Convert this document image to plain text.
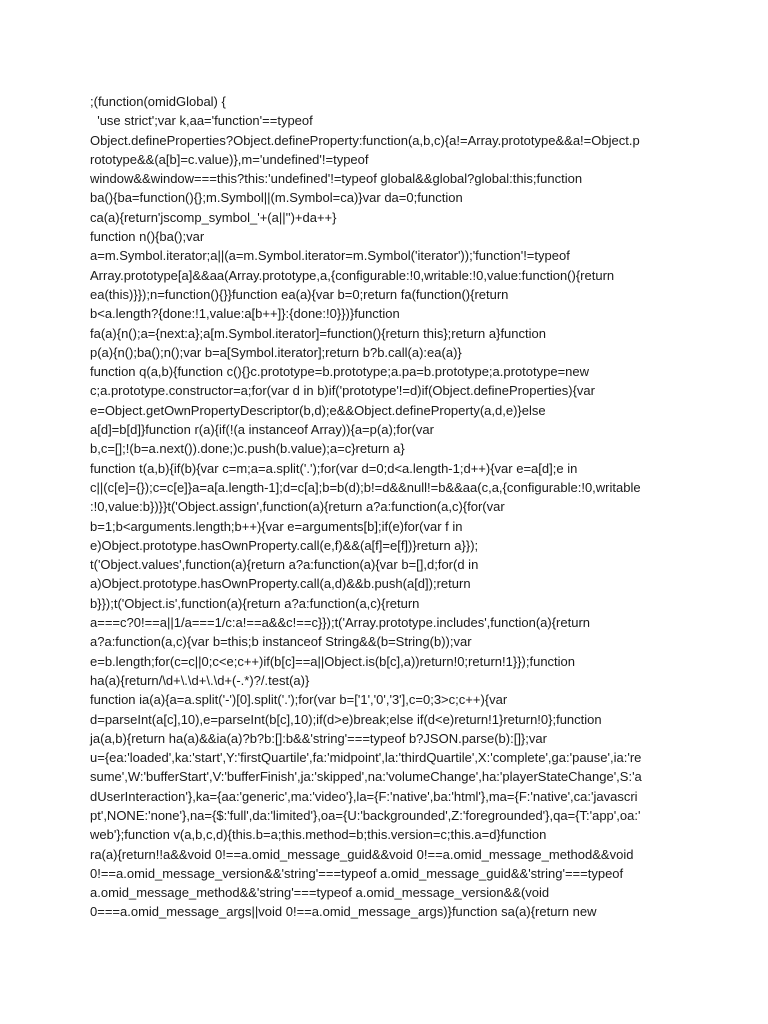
;(function(omidGlobal) {
'use strict';var k,aa='function'==typeof
Object.defineProperties?Object.defineProperty:function(a,b,c){a!=Array.prototype&&a!=Object.p
rototype&&(a[b]=c.value)},m='undefined'!=typeof
window&&window===this?this:'undefined'!=typeof global&&global?global:this;function
ba(){ba=function(){};m.Symbol||(m.Symbol=ca)}var da=0;function
ca(a){return'jscomp_symbol_'+(a||'')+da++}
function n(){ba();var
a=m.Symbol.iterator;a||(a=m.Symbol.iterator=m.Symbol('iterator'));'function'!=typeof
Array.prototype[a]&&aa(Array.prototype,a,{configurable:!0,writable:!0,value:function(){return
ea(this)}});n=function(){}}function ea(a){var b=0;return fa(function(){return
b<a.length?{done:!1,value:a[b++]}:{done:!0}})}function
fa(a){n();a={next:a};a[m.Symbol.iterator]=function(){return this};return a}function
p(a){n();ba();n();var b=a[Symbol.iterator];return b?b.call(a):ea(a)}
function q(a,b){function c(){}c.prototype=b.prototype;a.pa=b.prototype;a.prototype=new
c;a.prototype.constructor=a;for(var d in b)if('prototype'!=d)if(Object.defineProperties){var
e=Object.getOwnPropertyDescriptor(b,d);e&&Object.defineProperty(a,d,e)}else
a[d]=b[d]}function r(a){if(!(a instanceof Array)){a=p(a);for(var
b,c=[];!(b=a.next()).done;)c.push(b.value);a=c}return a}
function t(a,b){if(b){var c=m;a=a.split('.');for(var d=0;d<a.length-1;d++){var e=a[d];e in
c||(c[e]={});c=c[e]}a=a[a.length-1];d=c[a];b=b(d);b!=d&&null!=b&&aa(c,a,{configurable:!0,writable
:!0,value:b})}}t('Object.assign',function(a){return a?a:function(a,c){for(var
b=1;b<arguments.length;b++){var e=arguments[b];if(e)for(var f in
e)Object.prototype.hasOwnProperty.call(e,f)&&(a[f]=e[f])}return a}});
t('Object.values',function(a){return a?a:function(a){var b=[],d;for(d in
a)Object.prototype.hasOwnProperty.call(a,d)&&b.push(a[d]);return
b}});t('Object.is',function(a){return a?a:function(a,c){return
a===c?0!==a||1/a===1/c:a!==a&&c!==c}});t('Array.prototype.includes',function(a){return
a?a:function(a,c){var b=this;b instanceof String&&(b=String(b));var
e=b.length;for(c=c||0;c<e;c++)if(b[c]==a||Object.is(b[c],a))return!0;return!1}});function
ha(a){return/\d+\.\d+\.\d+(-.*)?/.test(a)}
function ia(a){a=a.split('-')[0].split('.');for(var b=['1','0','3'],c=0;3>c;c++){var
d=parseInt(a[c],10),e=parseInt(b[c],10);if(d>e)break;else if(d<e)return!1}return!0};function
ja(a,b){return ha(a)&&ia(a)?b?b:[]:b&&'string'===typeof b?JSON.parse(b):[]};var
u={ea:'loaded',ka:'start',Y:'firstQuartile',fa:'midpoint',la:'thirdQuartile',X:'complete',ga:'pause',ia:'re
sume',W:'bufferStart',V:'bufferFinish',ja:'skipped',na:'volumeChange',ha:'playerStateChange',S:'a
dUserInteraction'},ka={aa:'generic',ma:'video'},la={F:'native',ba:'html'},ma={F:'native',ca:'javascri
pt',NONE:'none'},na={$:'full',da:'limited'},oa={U:'backgrounded',Z:'foregrounded'},qa={T:'app',oa:'
web'};function v(a,b,c,d){this.b=a;this.method=b;this.version=c;this.a=d}function
ra(a){return!!a&&void 0!==a.omid_message_guid&&void 0!==a.omid_message_method&&void
0!==a.omid_message_version&&'string'===typeof a.omid_message_guid&&'string'===typeof
a.omid_message_method&&'string'===typeof a.omid_message_version&&(void
0===a.omid_message_args||void 0!==a.omid_message_args)}function sa(a){return new
